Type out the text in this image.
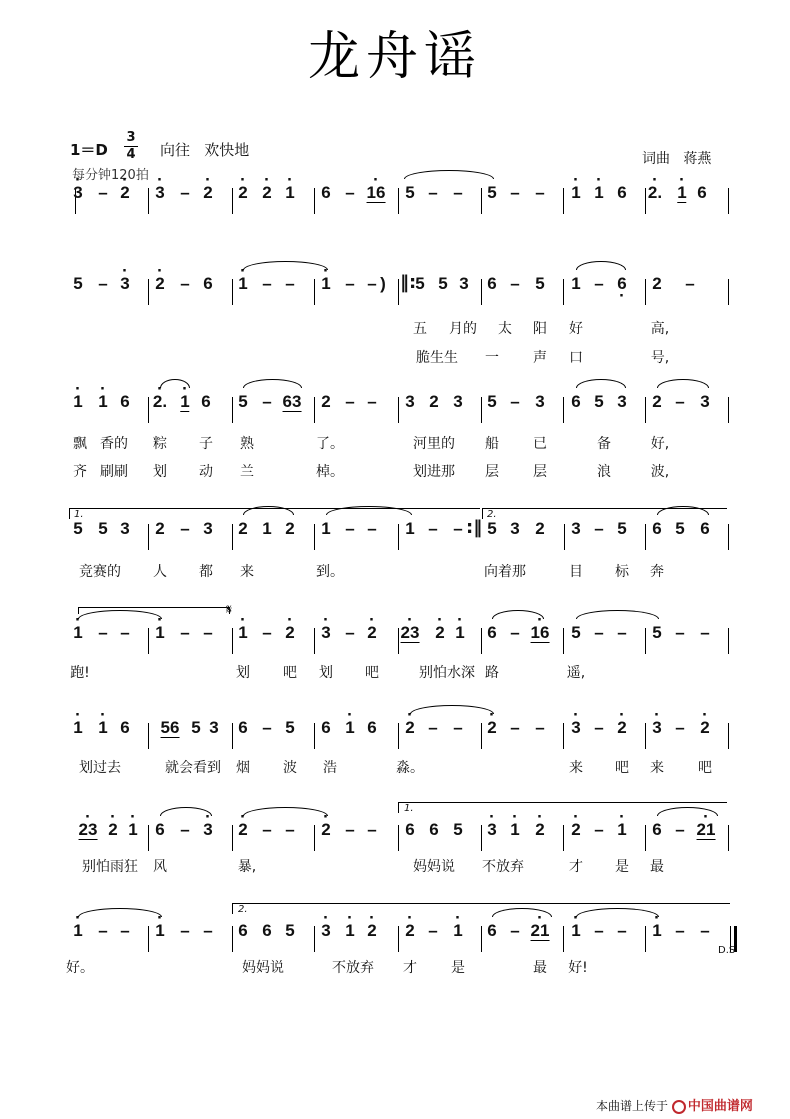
龙舟谣
1＝D
3
4 向往   欢快地
每分钟120拍
词曲   蒋燕
· 3 – · 2 · 3 – · 2 · 2 · 2 · 1 6 – · 16 5 – – 5 – – · 1 · 1 6 · 2. · 1 6
5 – · 3 · 2 – 6 · 1 – – · 1 – – 5 5 3 6 – 5 1 – 6 · 2 –
· 1 · 1 6 · 2. · 1 6 5 – 63 2 – – 3 2 3 5 – 3 6 5 3 2 – 3
5 5 3 2 – 3 2 1 2 1 – – 1 – – 5 3 2 3 – 5 6 5 6
· 1 – – · 1 – – · 1 – · 2 · 3 – · 2 · 23 · 2 · 1 6 – · 16 5 – – 5 – –
· 1 · 1 6 56 5 3 6 – 5 6 · 1 6 · 2 – – · 2 – – · 3 – · 2 · 3 – · 2
· 23 · 2 · 1 6 – · 3 · 2 – – · 2 – – 6 6 5 · 3 · 1 · 2 · 2 – · 1 6 – · 21
· 1 – – · 1 – – 6 6 5 · 3 · 1 · 2 · 2 – · 1 6 – · 21 · 1 – – · 1 – –
‖:
:‖
)
1.	2.
1.
2.
五 月的 太 阳 好	高,
脆生生 一 声 口	号,
飘 香的 粽 子 熟	了。	河里的 船 已	备	好,
齐 刷刷 划 动 兰	棹。	划进那 层 层	浪	波,
竞赛的 人 都 来	到。	向着那	目 标 奔
跑!	划 吧 划 吧	别怕水深 路	遥,
划过去	就会看到 烟 波 浩	淼。	来 吧 来 吧
别怕雨狂 风	暴,	妈妈说 不放弃	才 是 最
好。	妈妈说	不放弃 才 是	最 好!
𝄋
D.S
本曲谱上传于 中国曲谱网
